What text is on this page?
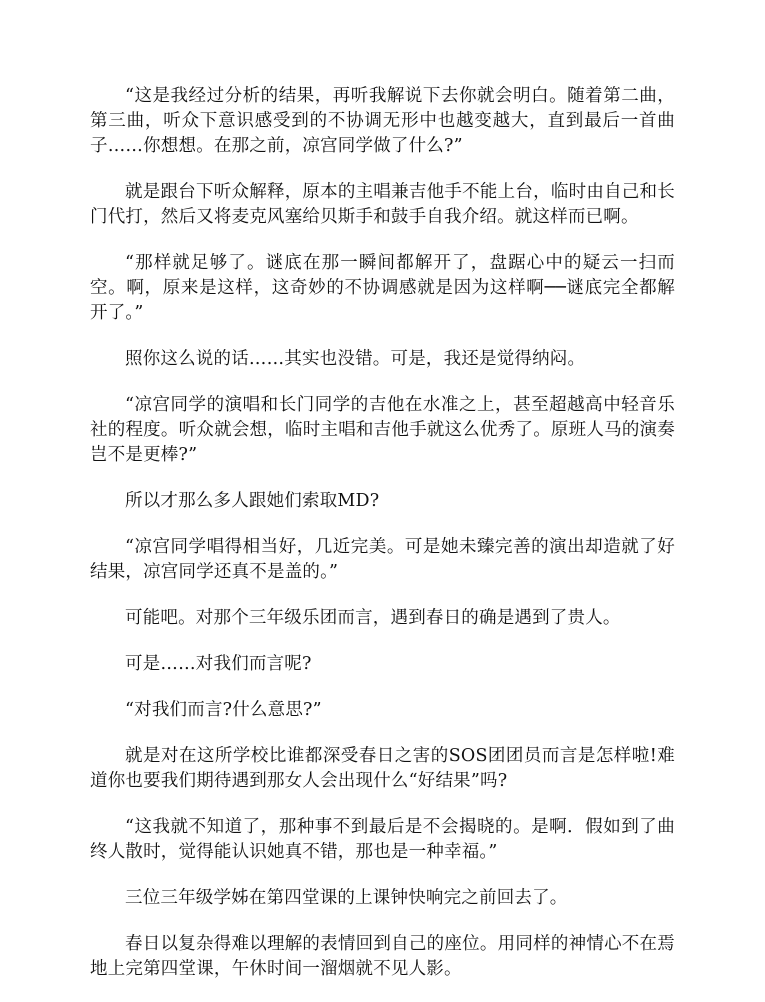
“这是我经过分析的结果，再听我解说下去你就会明白。随着第二曲，第三曲，听众下意识感受到的不协调无形中也越变越大，直到最后一首曲子……你想想。在那之前，凉宫同学做了什么?”

就是跟台下听众解释，原本的主唱兼吉他手不能上台，临时由自己和长门代打，然后又将麦克风塞给贝斯手和鼓手自我介绍。就这样而已啊。

“那样就足够了。谜底在那一瞬间都解开了，盘踞心中的疑云一扫而空。啊，原来是这样，这奇妙的不协调感就是因为这样啊──谜底完全都解开了。”

照你这么说的话……其实也没错。可是，我还是觉得纳闷。

“凉宫同学的演唱和长门同学的吉他在水准之上，甚至超越高中轻音乐社的程度。听众就会想，临时主唱和吉他手就这么优秀了。原班人马的演奏岂不是更棒?”

所以才那么多人跟她们索取MD?

“凉宫同学唱得相当好，几近完美。可是她未臻完善的演出却造就了好结果，凉宫同学还真不是盖的。”

可能吧。对那个三年级乐团而言，遇到春日的确是遇到了贵人。

可是……对我们而言呢?

“对我们而言?什么意思?”

就是对在这所学校比谁都深受春日之害的SOS团团员而言是怎样啦!难道你也要我们期待遇到那女人会出现什么“好结果”吗?

“这我就不知道了，那种事不到最后是不会揭晓的。是啊．假如到了曲终人散时，觉得能认识她真不错，那也是一种幸福。”

三位三年级学姊在第四堂课的上课钟快响完之前回去了。

春日以复杂得难以理解的表情回到自己的座位。用同样的神情心不在焉地上完第四堂课，午休时间一溜烟就不见人影。
